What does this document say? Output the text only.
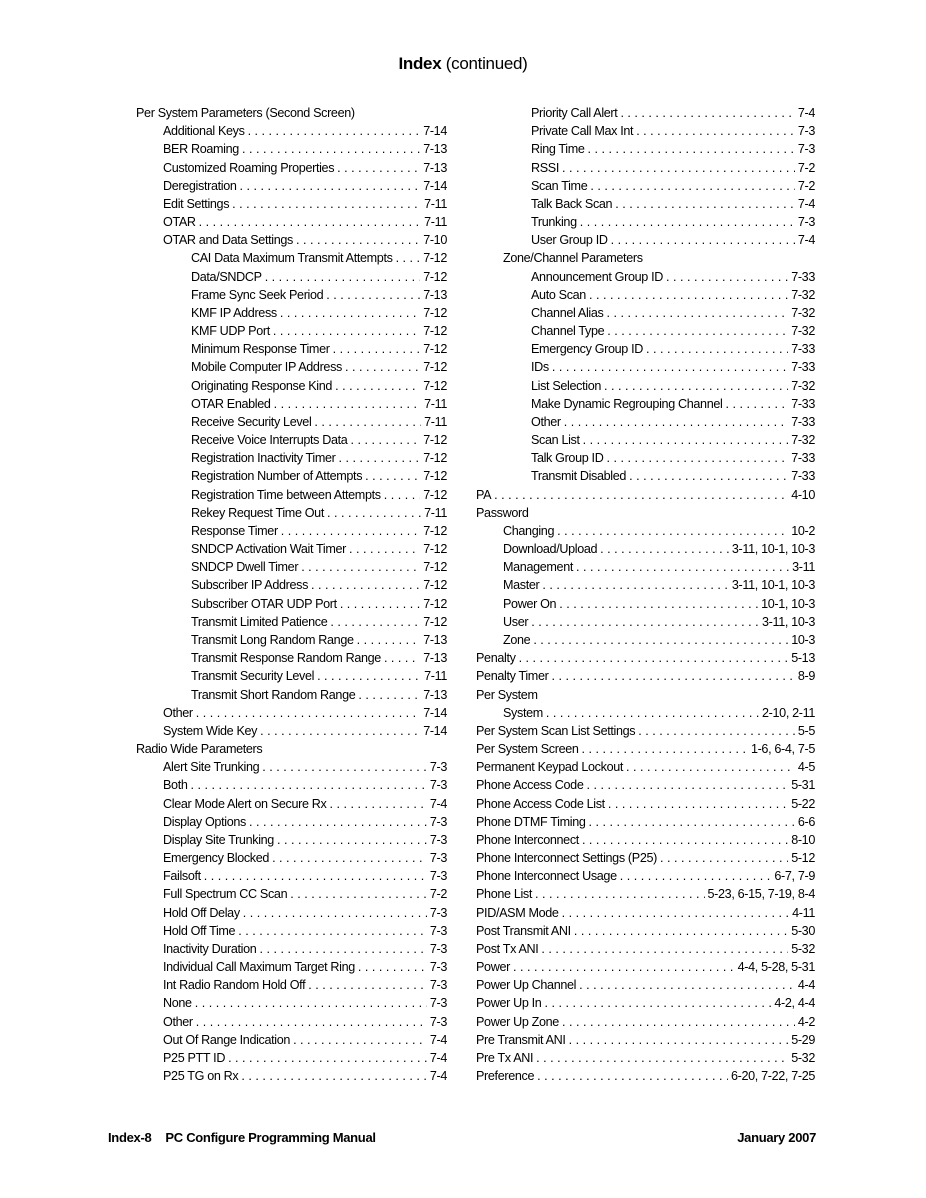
Index (continued)
Per System Parameters (Second Screen)
Additional Keys . . .	7-14
BER Roaming . . .	7-13
Customized Roaming Properties . . .	7-13
Deregistration . . .	7-14
Edit Settings . . .	7-11
OTAR . . .	7-11
OTAR and Data Settings . . .	7-10
CAI Data Maximum Transmit Attempts . . . 7-12
Data/SNDCP . . .	7-12
Frame Sync Seek Period . . .	7-13
KMF IP Address . . .	7-12
KMF UDP Port . . .	7-12
Minimum Response Timer . . .	7-12
Mobile Computer IP Address . . .	7-12
Originating Response Kind . . .	7-12
OTAR Enabled . . .	7-11
Receive Security Level . . .	7-11
Receive Voice Interrupts Data . . .	7-12
Registration Inactivity Timer . . .	7-12
Registration Number of Attempts . . .	7-12
Registration Time between Attempts . . .	7-12
Rekey Request Time Out . . .	7-11
Response Timer . . .	7-12
SNDCP Activation Wait Timer . . .	7-12
SNDCP Dwell Timer . . .	7-12
Subscriber IP Address . . .	7-12
Subscriber OTAR UDP Port . . .	7-12
Transmit Limited Patience . . .	7-12
Transmit Long Random Range . . .	7-13
Transmit Response Random Range . . .	7-13
Transmit Security Level . . .	7-11
Transmit Short Random Range . . .	7-13
Other . . .	7-14
System Wide Key . . .	7-14
Radio Wide Parameters
Alert Site Trunking . . .	7-3
Both . . .	7-3
Clear Mode Alert on Secure Rx . . .	7-4
Display Options . . .	7-3
Display Site Trunking . . .	7-3
Emergency Blocked . . .	7-3
Failsoft . . .	7-3
Full Spectrum CC Scan . . .	7-2
Hold Off Delay . . .	7-3
Hold Off Time . . .	7-3
Inactivity Duration . . .	7-3
Individual Call Maximum Target Ring . . .	7-3
Int Radio Random Hold Off . . .	7-3
None . . .	7-3
Other . . .	7-3
Out Of Range Indication . . .	7-4
P25 PTT ID . . .	7-4
P25 TG on Rx . . .	7-4
Priority Call Alert . . .	7-4
Private Call Max Int . . .	7-3
Ring Time . . .	7-3
RSSI . . .	7-2
Scan Time . . .	7-2
Talk Back Scan . . .	7-4
Trunking . . .	7-3
User Group ID . . .	7-4
Zone/Channel Parameters
Announcement Group ID . . .	7-33
Auto Scan . . .	7-32
Channel Alias . . .	7-32
Channel Type . . .	7-32
Emergency Group ID . . .	7-33
IDs . . .	7-33
List Selection . . .	7-32
Make Dynamic Regrouping Channel . . .	7-33
Other . . .	7-33
Scan List . . .	7-32
Talk Group ID . . .	7-33
Transmit Disabled . . .	7-33
PA . . .	4-10
Password
Changing . . .	10-2
Download/Upload . . .	3-11, 10-1, 10-3
Management . . .	3-11
Master . . .	3-11, 10-1, 10-3
Power On . . .	10-1, 10-3
User . . .	3-11, 10-3
Zone . . .	10-3
Penalty . . .	5-13
Penalty Timer . . .	8-9
Per System
System . . .	2-10, 2-11
Per System Scan List Settings . . .	5-5
Per System Screen . . .	1-6, 6-4, 7-5
Permanent Keypad Lockout . . .	4-5
Phone Access Code . . .	5-31
Phone Access Code List . . .	5-22
Phone DTMF Timing . . .	6-6
Phone Interconnect . . .	8-10
Phone Interconnect Settings (P25) . . .	5-12
Phone Interconnect Usage . . .	6-7, 7-9
Phone List . . .	5-23, 6-15, 7-19, 8-4
PID/ASM Mode . . .	4-11
Post Transmit ANI . . .	5-30
Post Tx ANI . . .	5-32
Power . . .	4-4, 5-28, 5-31
Power Up Channel . . .	4-4
Power Up In . . .	4-2, 4-4
Power Up Zone . . .	4-2
Pre Transmit ANI . . .	5-29
Pre Tx ANI . . .	5-32
Preference . . .	6-20, 7-22, 7-25
Index-8 PC Configure Programming Manual	January 2007
